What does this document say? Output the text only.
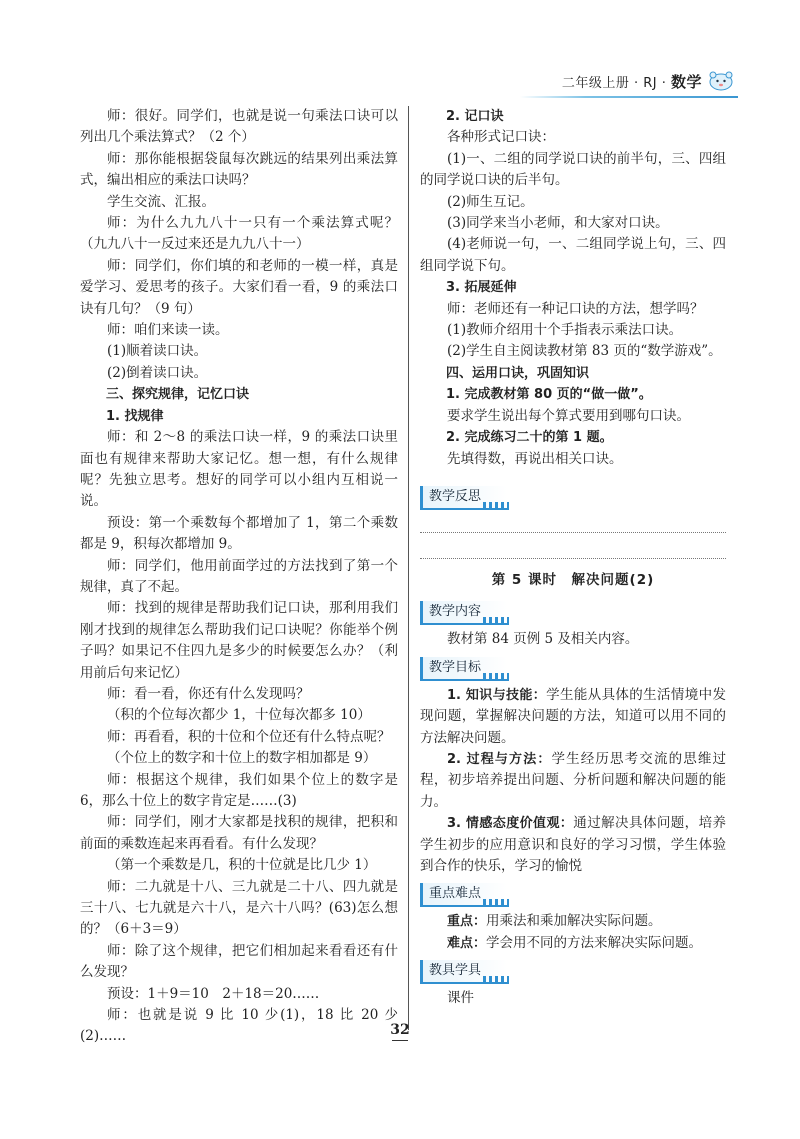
二年级上册 · RJ · 数学

师：很好。同学们，也就是说一句乘法口诀可以列出几个乘法算式？（2 个）

师：那你能根据袋鼠每次跳远的结果列出乘法算式，编出相应的乘法口诀吗？

学生交流、汇报。

师：为什么九九八十一只有一个乘法算式呢？（九九八十一反过来还是九九八十一）

师：同学们，你们填的和老师的一模一样，真是爱学习、爱思考的孩子。大家们看一看，9 的乘法口诀有几句？（9 句）

师：咱们来读一读。

(1)顺着读口诀。

(2)倒着读口诀。

三、探究规律，记忆口诀

1. 找规律

师：和 2～8 的乘法口诀一样，9 的乘法口诀里面也有规律来帮助大家记忆。想一想，有什么规律呢？先独立思考。想好的同学可以小组内互相说一说。

预设：第一个乘数每个都增加了 1，第二个乘数都是 9，积每次都增加 9。

师：同学们，他用前面学过的方法找到了第一个规律，真了不起。

师：找到的规律是帮助我们记口诀，那利用我们刚才找到的规律怎么帮助我们记口诀呢？你能举个例子吗？如果记不住四九是多少的时候要怎么办？（利用前后句来记忆）

师：看一看，你还有什么发现吗？

（积的个位每次都少 1，十位每次都多 10）

师：再看看，积的十位和个位还有什么特点呢？

（个位上的数字和十位上的数字相加都是 9）

师：根据这个规律，我们如果个位上的数字是 6，那么十位上的数字肯定是……(3)

师：同学们，刚才大家都是找积的规律，把积和前面的乘数连起来再看看。有什么发现？

（第一个乘数是几，积的十位就是比几少 1）

师：二九就是十八、三九就是二十八、四九就是三十八、七九就是六十八，是六十八吗？(63)怎么想的？（6＋3＝9）

师：除了这个规律，把它们相加起来看看还有什么发现？

预设：1＋9＝10　2＋18＝20……

师：也就是说 9 比 10 少(1)，18 比 20 少(2)……

2. 记口诀

各种形式记口诀：

(1)一、二组的同学说口诀的前半句，三、四组的同学说口诀的后半句。

(2)师生互记。

(3)同学来当小老师，和大家对口诀。

(4)老师说一句，一、二组同学说上句，三、四组同学说下句。

3. 拓展延伸

师：老师还有一种记口诀的方法，想学吗？

(1)教师介绍用十个手指表示乘法口诀。

(2)学生自主阅读教材第 83 页的“数学游戏”。

四、运用口诀，巩固知识

1. 完成教材第 80 页的“做一做”。

要求学生说出每个算式要用到哪句口诀。

2. 完成练习二十的第 1 题。

先填得数，再说出相关口诀。

教学反思
第 5 课时　解决问题(2)
教学内容

教材第 84 页例 5 及相关内容。

教学目标

1. 知识与技能：学生能从具体的生活情境中发现问题，掌握解决问题的方法，知道可以用不同的方法解决问题。

2. 过程与方法：学生经历思考交流的思维过程，初步培养提出问题、分析问题和解决问题的能力。

3. 情感态度价值观：通过解决具体问题，培养学生初步的应用意识和良好的学习习惯，学生体验到合作的快乐，学习的愉悦

重点难点

重点：用乘法和乘加解决实际问题。

难点：学会用不同的方法来解决实际问题。

教具学具

课件

32
